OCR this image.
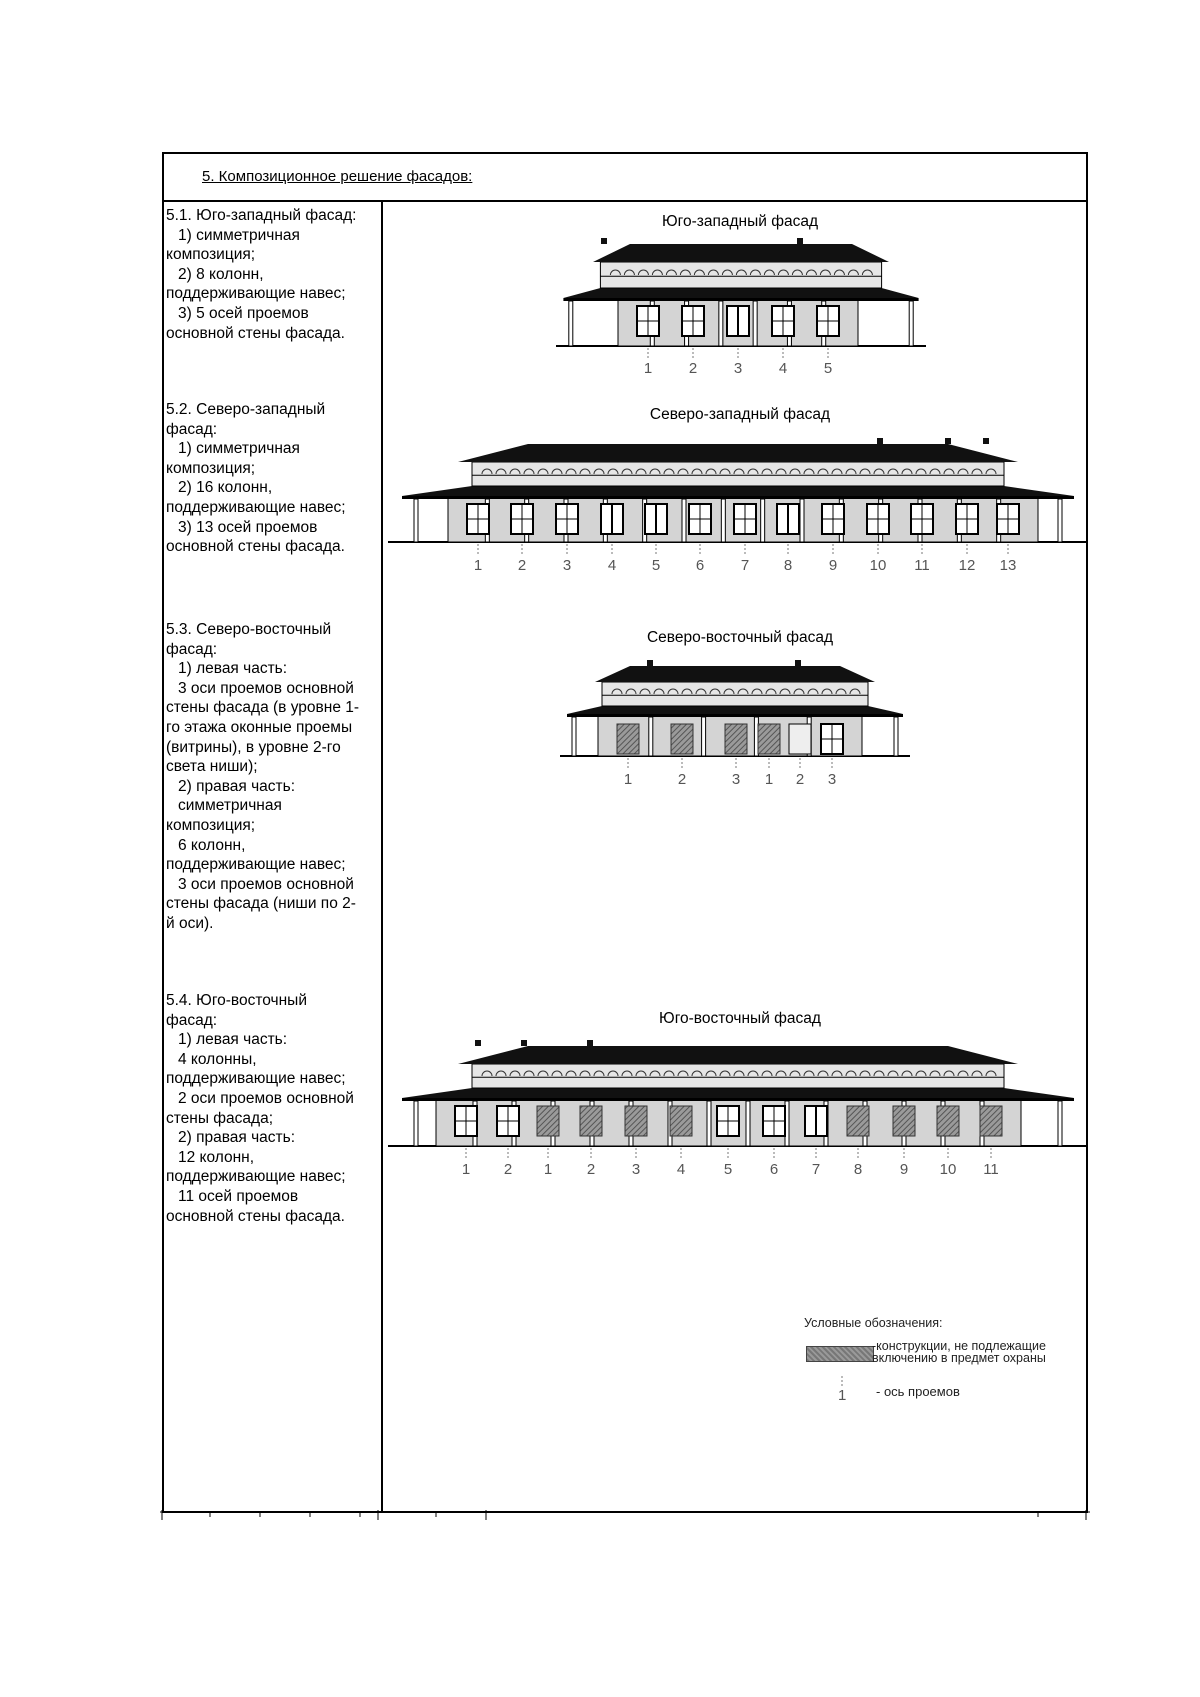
5. Композиционное решение фасадов:

5.1. Юго-западный фасад:

1) симметричная

композиция;

2) 8 колонн,

поддерживающие навес;

3) 5 осей проемов

основной стены фасада.

5.2. Северо-западный

фасад:

1) симметричная

композиция;

2) 16 колонн,

поддерживающие навес;

3) 13 осей проемов

основной стены фасада.

5.3. Северо-восточный

фасад:

1) левая часть:

3 оси проемов основной

стены фасада (в уровне 1-

го этажа оконные проемы

(витрины), в уровне 2-го

света ниши);

2) правая часть:

симметричная

композиция;

6 колонн,

поддерживающие навес;

3 оси проемов основной

стены фасада (ниши по 2-

й оси).

5.4. Юго-восточный

фасад:

1) левая часть:

4 колонны,

поддерживающие навес;

2 оси проемов основной

стены фасада;

2) правая часть:

12 колонн,

поддерживающие навес;

11 осей проемов

основной стены фасада.

Юго-западный фасад
Северо-западный фасад
Северо-восточный фасад
Юго-восточный фасад
1 2 3 4 5
1 2 3 4 5 6 7 8 9 10 11 12 13
1	2	3 1 2 3
1 2 1 2 3 4	5	6 7 8	9 10 11
Условные обозначения:
-конструкции, не подлежащие
включению в предмет охраны
1 - ось проемов
